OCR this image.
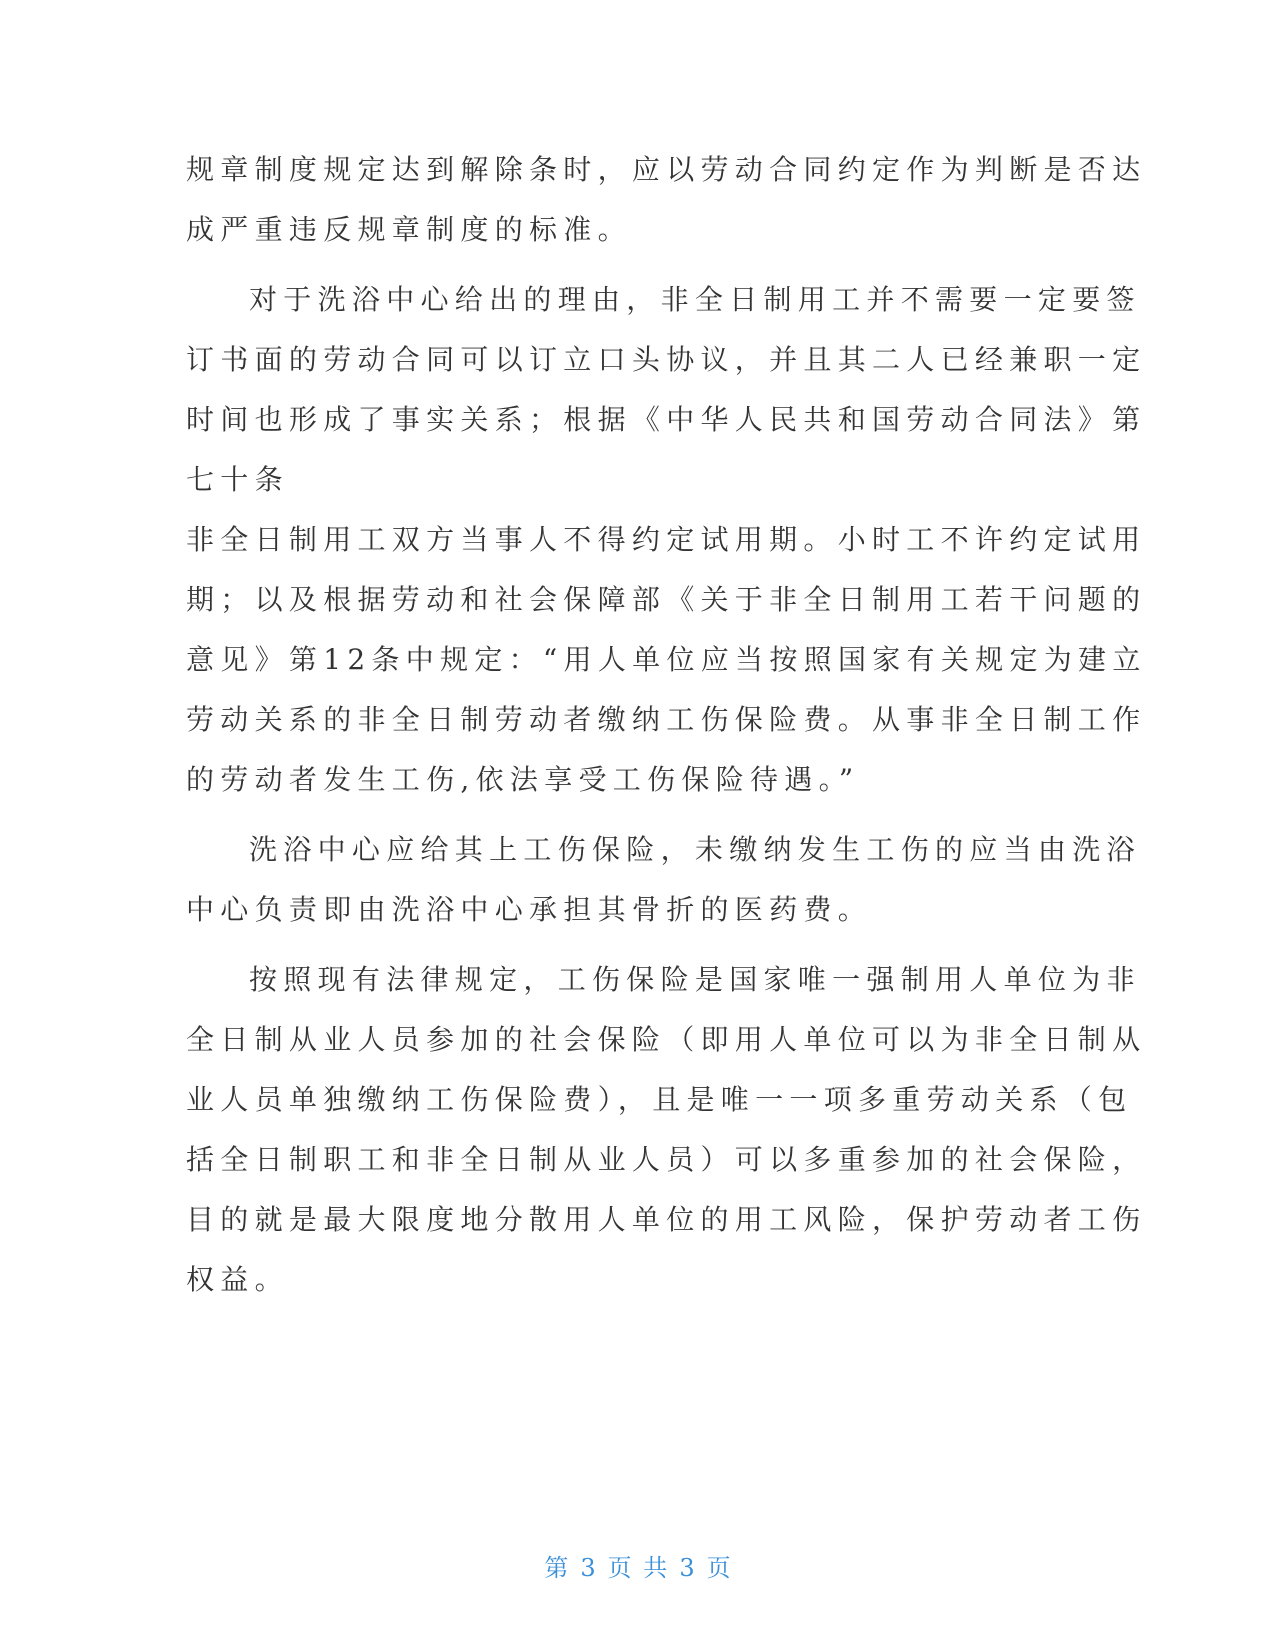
规章制度规定达到解除条时，应以劳动合同约定作为判断是否达
成严重违反规章制度的标准。
对于洗浴中心给出的理由，非全日制用工并不需要一定要签
订书面的劳动合同可以订立口头协议，并且其二人已经兼职一定
时间也形成了事实关系；根据《中华人民共和国劳动合同法》第
七十条
非全日制用工双方当事人不得约定试用期。小时工不许约定试用
期；以及根据劳动和社会保障部《关于非全日制用工若干问题的
意见》第12条中规定：“用人单位应当按照国家有关规定为建立
劳动关系的非全日制劳动者缴纳工伤保险费。从事非全日制工作
的劳动者发生工伤,依法享受工伤保险待遇。”
洗浴中心应给其上工伤保险，未缴纳发生工伤的应当由洗浴
中心负责即由洗浴中心承担其骨折的医药费。
按照现有法律规定，工伤保险是国家唯一强制用人单位为非
全日制从业人员参加的社会保险（即用人单位可以为非全日制从
业人员单独缴纳工伤保险费），且是唯一一项多重劳动关系（包
括全日制职工和非全日制从业人员）可以多重参加的社会保险，
目的就是最大限度地分散用人单位的用工风险，保护劳动者工伤
权益。
第 3 页 共 3 页
